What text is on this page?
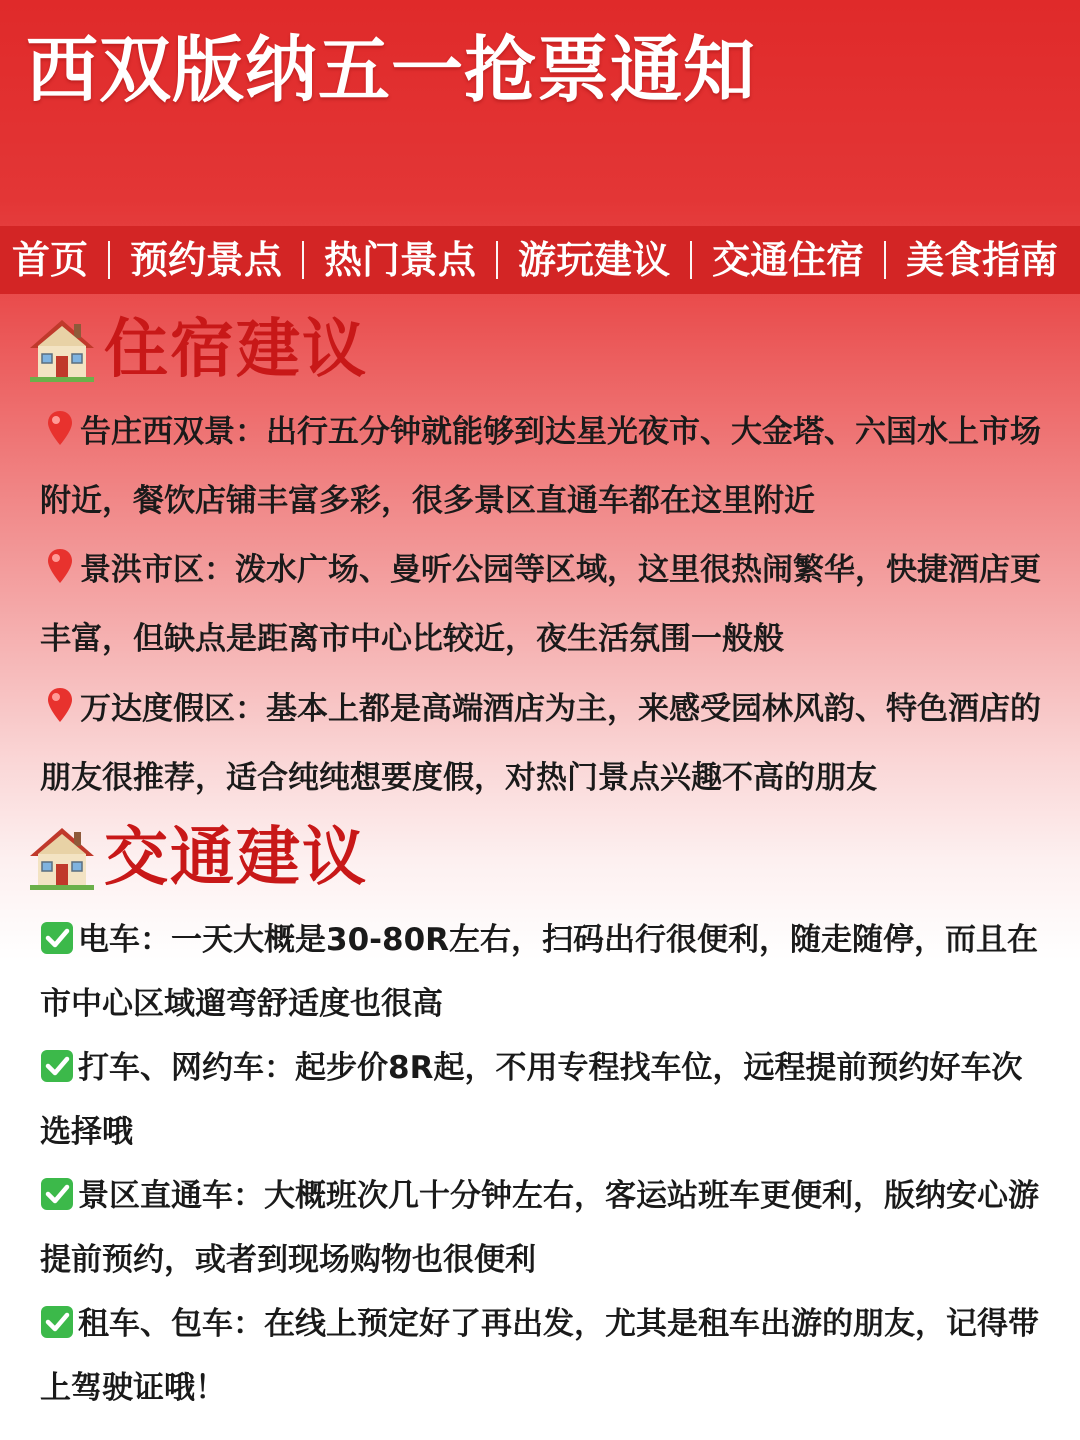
西双版纳五一抢票通知
首页 预约景点 热门景点 游玩建议 交通住宿 美食指南
住宿建议

告庄西双景：出行五分钟就能够到达星光夜市、大金塔、六国水上市场附近，餐饮店铺丰富多彩，很多景区直通车都在这里附近

景洪市区：泼水广场、曼听公园等区域，这里很热闹繁华，快捷酒店更丰富，但缺点是距离市中心比较近，夜生活氛围一般般

万达度假区：基本上都是高端酒店为主，来感受园林风韵、特色酒店的朋友很推荐，适合纯纯想要度假，对热门景点兴趣不高的朋友

交通建议

电车：一天大概是30-80R左右，扫码出行很便利，随走随停，而且在市中心区域遛弯舒适度也很高

打车、网约车：起步价8R起，不用专程找车位，远程提前预约好车次选择哦

景区直通车：大概班次几十分钟左右，客运站班车更便利，版纳安心游提前预约，或者到现场购物也很便利

租车、包车：在线上预定好了再出发，尤其是租车出游的朋友，记得带上驾驶证哦！
